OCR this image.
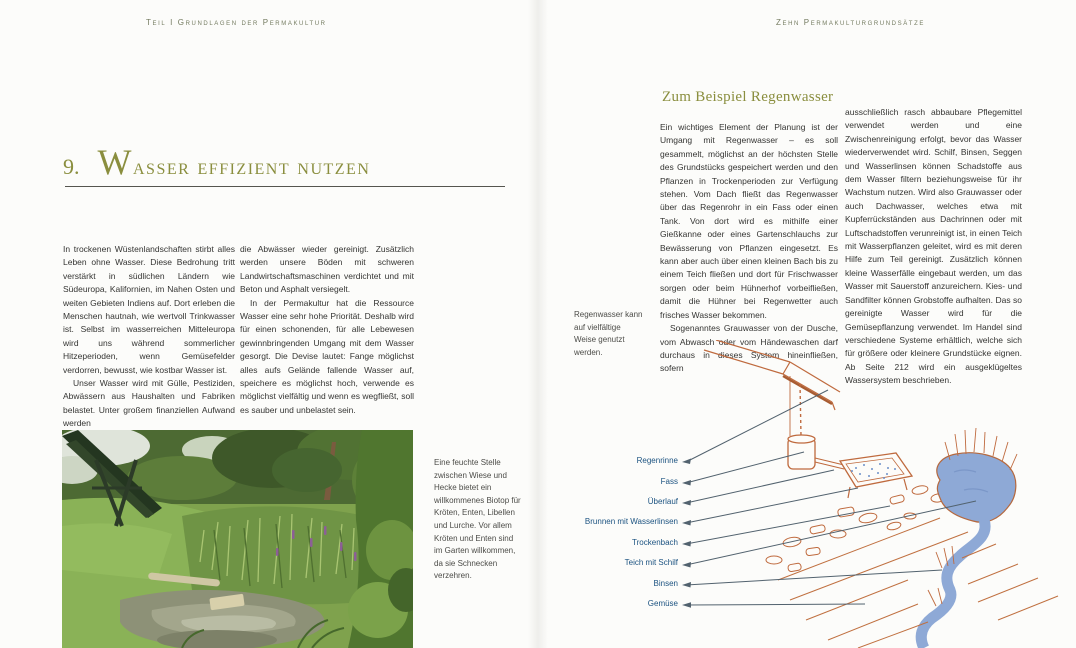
Teil I Grundlagen der Permakultur	Zehn Permakulturgrundsätze
9. Wasser effizient nutzen

In trockenen Wüstenlandschaften stirbt alles Leben ohne Wasser. Diese Bedrohung tritt verstärkt in südlichen Ländern wie Südeuropa, Kalifornien, im Nahen Osten und weiten Gebieten Indiens auf. Dort erleben die Menschen hautnah, wie wertvoll Trinkwasser ist. Selbst im wasserreichen Mitteleuropa wird uns während sommerlicher Hitzeperioden, wenn Gemüsefelder verdorren, bewusst, wie kostbar Wasser ist.

Unser Wasser wird mit Gülle, Pestiziden, Abwässern aus Haushalten und Fabriken belastet. Unter großem finanziellen Aufwand werden

die Abwässer wieder gereinigt. Zusätzlich werden unsere Böden mit schweren Landwirtschaftsmaschinen verdichtet und mit Beton und Asphalt versiegelt.

In der Permakultur hat die Ressource Wasser eine sehr hohe Priorität. Deshalb wird für einen schonenden, für alle Lebewesen gewinnbringenden Umgang mit dem Wasser gesorgt. Die Devise lautet: Fange möglichst alles aufs Gelände fallende Wasser auf, speichere es möglichst hoch, verwende es möglichst vielfältig und wenn es wegfließt, soll es sauber und unbelastet sein.

Eine feuchte Stelle zwischen Wiese und Hecke bietet ein willkommenes Biotop für Kröten, Enten, Libellen und Lurche. Vor allem Kröten und Enten sind im Garten willkommen, da sie Schnecken verzehren.
Zum Beispiel Regenwasser

Ein wichtiges Element der Planung ist der Umgang mit Regenwasser – es soll gesammelt, möglichst an der höchsten Stelle des Grundstücks gespeichert werden und den Pflanzen in Trockenperioden zur Verfügung stehen. Vom Dach fließt das Regenwasser über das Regenrohr in ein Fass oder einen Tank. Von dort wird es mithilfe einer Gießkanne oder eines Gartenschlauchs zur Bewässerung von Pflanzen eingesetzt. Es kann aber auch über einen kleinen Bach bis zu einem Teich fließen und dort für Frischwasser sorgen oder beim Hühnerhof vorbeifließen, damit die Hühner bei Regenwetter auch frisches Wasser bekommen.

Sogenanntes Grauwasser von der Dusche, vom Abwasch oder vom Händewaschen darf durchaus in dieses System hineinfließen, sofern

ausschließlich rasch abbaubare Pflegemittel verwendet werden und eine Zwischenreinigung erfolgt, bevor das Wasser wiederverwendet wird. Schilf, Binsen, Seggen und Wasserlinsen können Schadstoffe aus dem Wasser filtern beziehungsweise für ihr Wachstum nutzen. Wird also Grauwasser oder auch Dachwasser, welches etwa mit Kupferrückständen aus Dachrinnen oder mit Luftschadstoffen verunreinigt ist, in einen Teich mit Wasserpflanzen geleitet, wird es mit deren Hilfe zum Teil gereinigt. Zusätzlich können kleine Wasserfälle eingebaut werden, um das Wasser mit Sauerstoff anzureichern. Kies- und Sandfilter können Grobstoffe aufhalten. Das so gereinigte Wasser wird für die Gemüsepflanzung verwendet. Im Handel sind verschiedene Systeme erhältlich, welche sich für größere oder kleinere Grundstücke eignen. Ab Seite 212 wird ein ausgeklügeltes Wassersystem beschrieben.

Regenwasser kann auf vielfältige Weise genutzt werden.
Regenrinne
Fass
Überlauf
Brunnen mit Wasserlinsen
Trockenbach
Teich mit Schilf
Binsen
Gemüse
